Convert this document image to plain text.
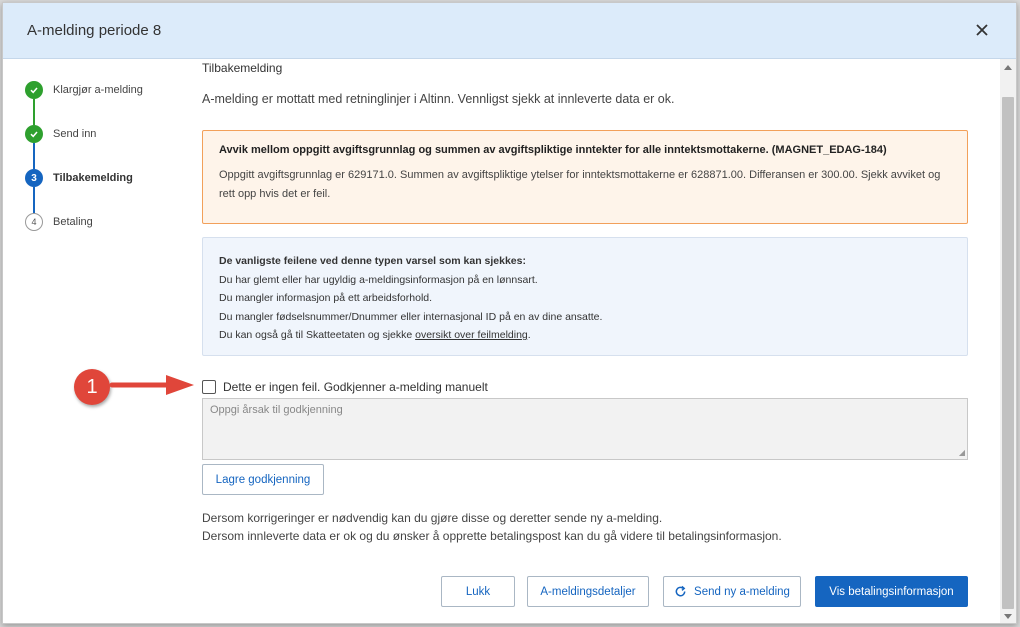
A-melding periode 8
Klargjør a-melding
Send inn
3	Tilbakemelding
4	Betaling
Tilbakemelding
A-melding er mottatt med retninglinjer i Altinn. Vennligst sjekk at innleverte data er ok.
Avvik mellom oppgitt avgiftsgrunnlag og summen av avgiftspliktige inntekter for alle inntektsmottakerne. (MAGNET_EDAG-184)
Oppgitt avgiftsgrunnlag er 629171.0. Summen av avgiftspliktige ytelser for inntektsmottakerne er 628871.00. Differansen er 300.00. Sjekk avviket og rett opp hvis det er feil.
De vanligste feilene ved denne typen varsel som kan sjekkes:
Du har glemt eller har ugyldig a-meldingsinformasjon på en lønnsart.
Du mangler informasjon på ett arbeidsforhold.
Du mangler fødselsnummer/Dnummer eller internasjonal ID på en av dine ansatte.
Du kan også gå til Skatteetaten og sjekke oversikt over feilmelding.
Dette er ingen feil. Godkjenner a-melding manuelt
Oppgi årsak til godkjenning
◢
Lagre godkjenning
Dersom korrigeringer er nødvendig kan du gjøre disse og deretter sende ny a-melding.
Dersom innleverte data er ok og du ønsker å opprette betalingspost kan du gå videre til betalingsinformasjon.
Lukk	A-meldingsdetaljer	Send ny a-melding	Vis betalingsinformasjon
1
